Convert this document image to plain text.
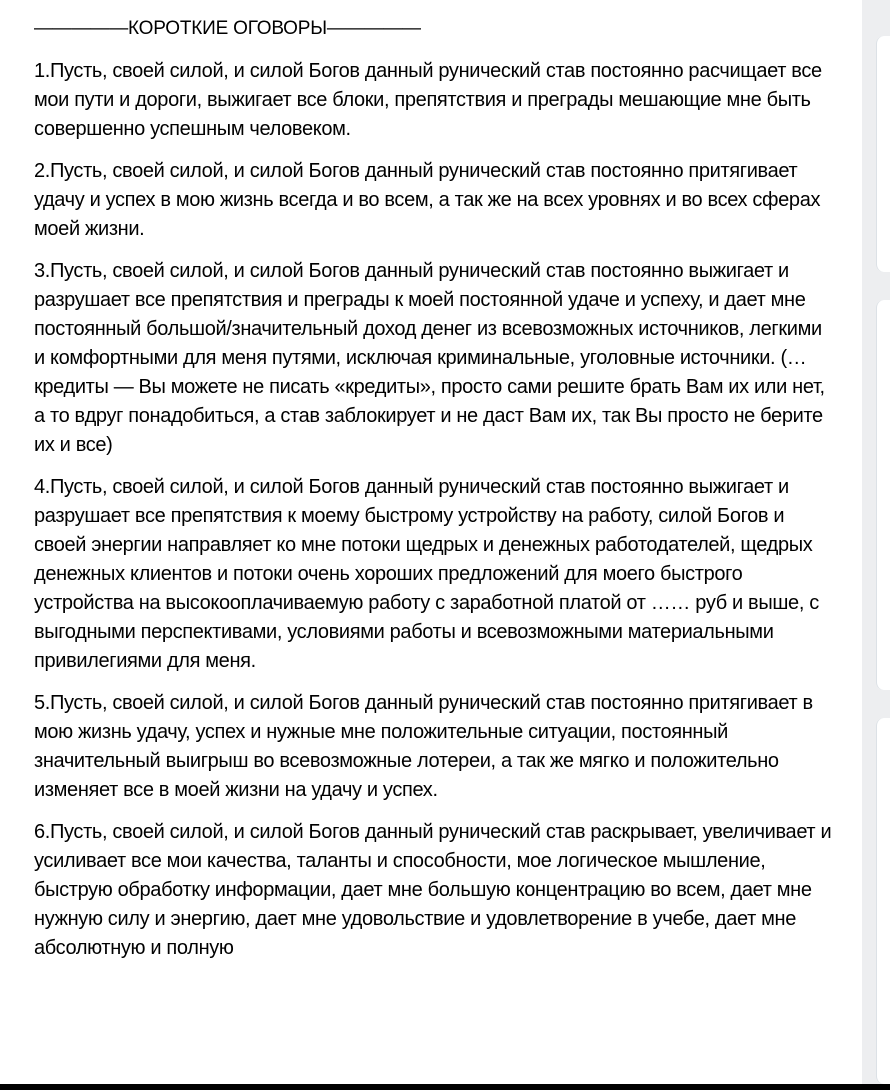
—————КОРОТКИЕ ОГОВОРЫ—————

1.Пусть, своей силой, и силой Богов данный рунический став постоянно расчищает все мои пути и дороги, выжигает все блоки, препятствия и преграды мешающие мне быть совершенно успешным человеком.

2.Пусть, своей силой, и силой Богов данный рунический став постоянно притягивает удачу и успех в мою жизнь всегда и во всем, а так же на всех уровнях и во всех сферах моей жизни.

3.Пусть, своей силой, и силой Богов данный рунический став постоянно выжигает и разрушает все препятствия и преграды к моей постоянной удаче и успеху, и дает мне постоянный большой/значительный доход денег из всевозможных источников, легкими и комфортными для меня путями, исключая криминальные, уголовные источники. (… кредиты — Вы можете не писать «кредиты», просто сами решите брать Вам их или нет, а то вдруг понадобиться, а став заблокирует и не даст Вам их, так Вы просто не берите их и все)

4.Пусть, своей силой, и силой Богов данный рунический став постоянно выжигает и разрушает все препятствия к моему быстрому устройству на работу, силой Богов и своей энергии направляет ко мне потоки щедрых и денежных работодателей, щедрых денежных клиентов и потоки очень хороших предложений для моего быстрого устройства на высокооплачиваемую работу с заработной платой от …… руб и выше, с выгодными перспективами, условиями работы и всевозможными материальными привилегиями для меня.

5.Пусть, своей силой, и силой Богов данный рунический став постоянно притягивает в мою жизнь удачу, успех и нужные мне положительные ситуации, постоянный значительный выигрыш во всевозможные лотереи, а так же мягко и положительно изменяет все в моей жизни на удачу и успех.

6.Пусть, своей силой, и силой Богов данный рунический став раскрывает, увеличивает и усиливает все мои качества, таланты и способности, мое логическое мышление, быструю обработку информации, дает мне большую концентрацию во всем, дает мне нужную силу и энергию, дает мне удовольствие и удовлетворение в учебе, дает мне абсолютную и полную
